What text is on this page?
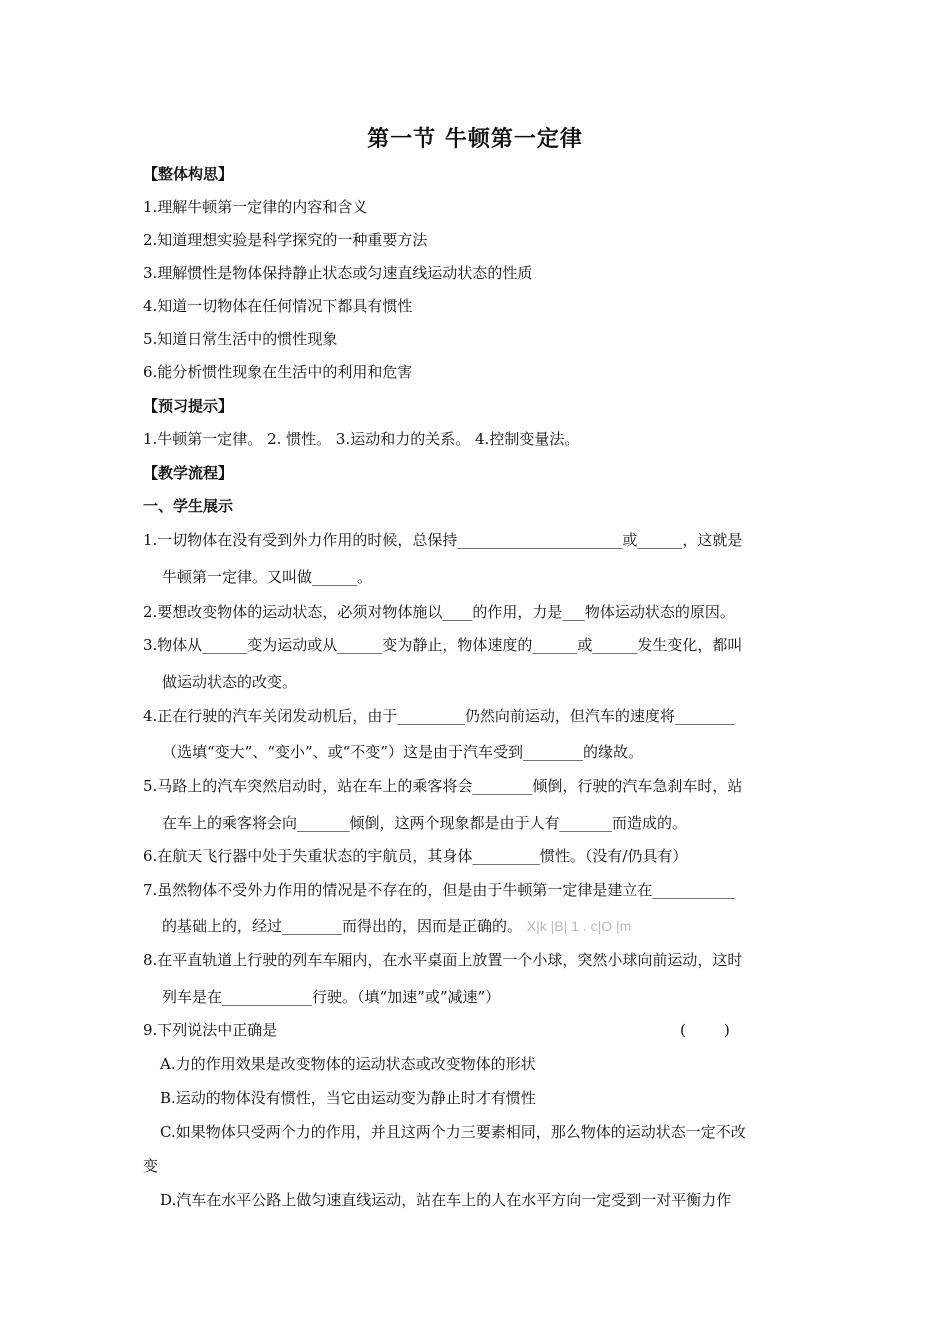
第一节 牛顿第一定律
【整体构思】
1.理解牛顿第一定律的内容和含义
2.知道理想实验是科学探究的一种重要方法
3.理解惯性是物体保持静止状态或匀速直线运动状态的性质
4.知道一切物体在任何情况下都具有惯性
5.知道日常生活中的惯性现象
6.能分析惯性现象在生活中的利用和危害
【预习提示】
1.牛顿第一定律。 2. 惯性。 3.运动和力的关系。 4.控制变量法。
【教学流程】
一、学生展示
1.一切物体在没有受到外力作用的时候，总保持______________________或______，这就是
牛顿第一定律。又叫做______。
2.要想改变物体的运动状态，必须对物体施以____的作用，力是___物体运动状态的原因。
3.物体从______变为运动或从______变为静止，物体速度的______或______发生变化，都叫
做运动状态的改变。
4.正在行驶的汽车关闭发动机后，由于_________仍然向前运动，但汽车的速度将________
（选填“变大”、“变小”、或“不变”）这是由于汽车受到________的缘故。
5.马路上的汽车突然启动时，站在车上的乘客将会________倾倒，行驶的汽车急刹车时，站
在车上的乘客将会向_______倾倒，这两个现象都是由于人有_______而造成的。
6.在航天飞行器中处于失重状态的宇航员，其身体_________惯性。（没有/仍具有）
7.虽然物体不受外力作用的情况是不存在的，但是由于牛顿第一定律是建立在___________
的基础上的，经过________而得出的，因而是正确的。 X|k |B| 1 . c|O |m
8.在平直轨道上行驶的列车车厢内，在水平桌面上放置一个小球，突然小球向前运动，这时
列车是在____________行驶。（填“加速”或”减速”）
9.下列说法中正确是	(        )
A.力的作用效果是改变物体的运动状态或改变物体的形状
B.运动的物体没有惯性，当它由运动变为静止时才有惯性
C.如果物体只受两个力的作用，并且这两个力三要素相同，那么物体的运动状态一定不改
变
D.汽车在水平公路上做匀速直线运动，站在车上的人在水平方向一定受到一对平衡力作
